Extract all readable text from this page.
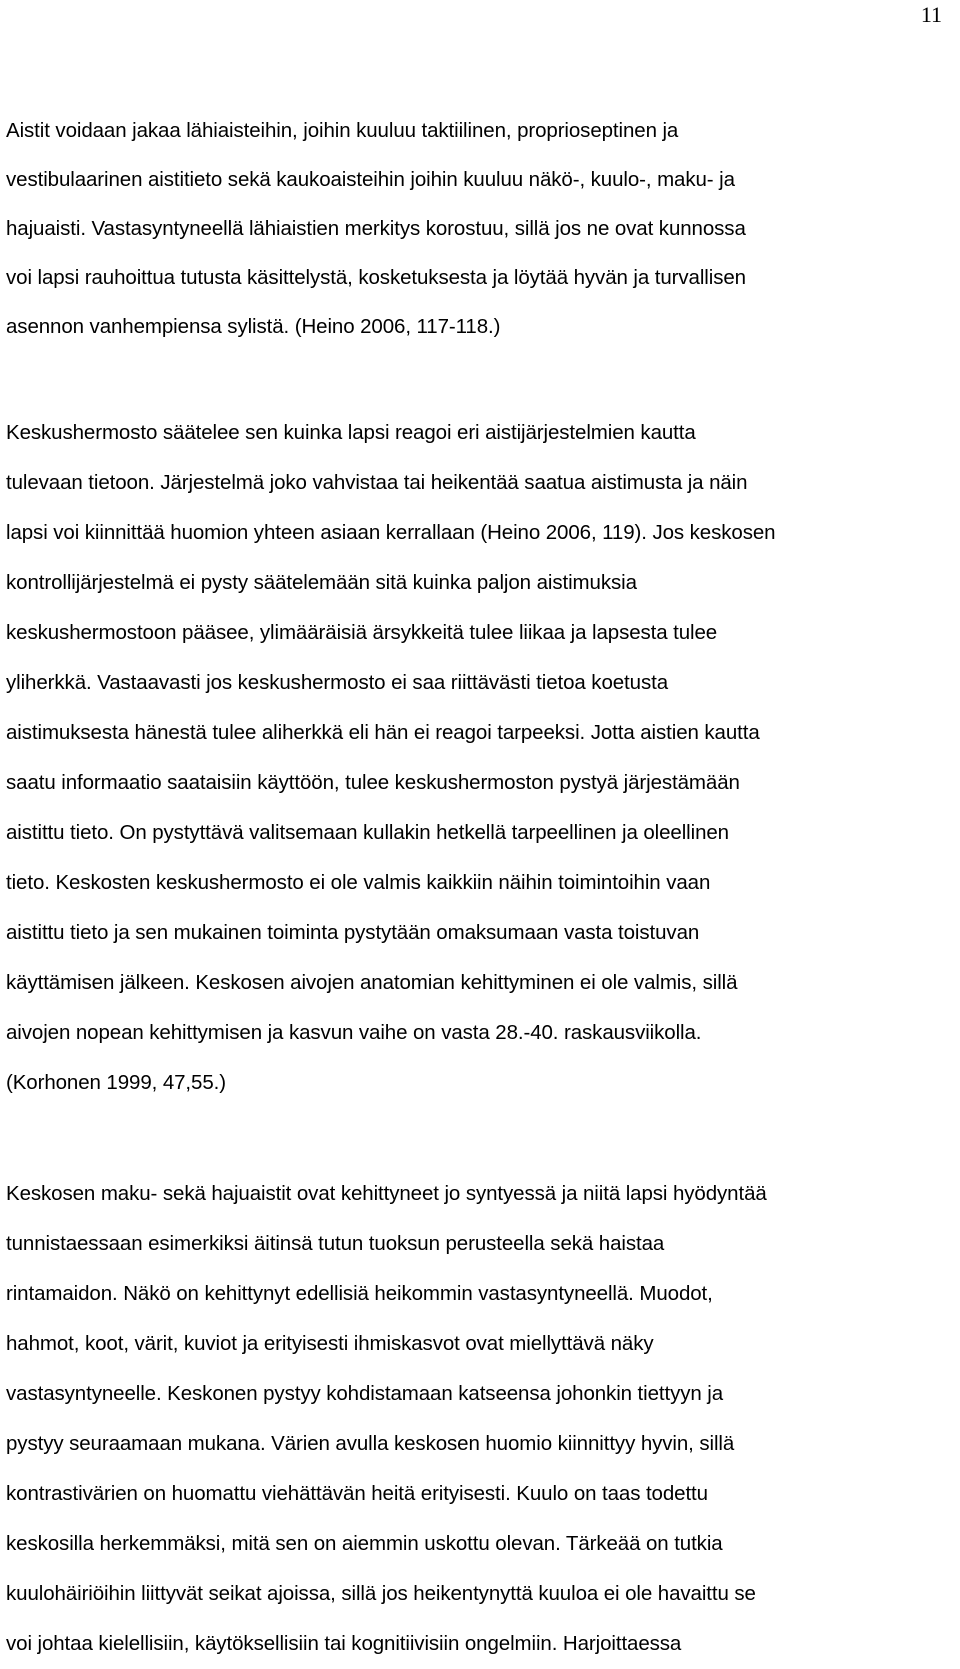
11
Aistit voidaan jakaa lähiaisteihin, joihin kuuluu taktiilinen, proprioseptinen ja
vestibulaarinen aistitieto sekä kaukoaisteihin joihin kuuluu näkö-, kuulo-, maku- ja
hajuaisti. Vastasyntyneellä lähiaistien merkitys korostuu, sillä jos ne ovat kunnossa
voi lapsi rauhoittua tutusta käsittelystä, kosketuksesta ja löytää hyvän ja turvallisen
asennon vanhempiensa sylistä. (Heino 2006, 117-118.)
Keskushermosto säätelee sen kuinka lapsi reagoi eri aistijärjestelmien kautta
tulevaan tietoon. Järjestelmä joko vahvistaa tai heikentää saatua aistimusta ja näin
lapsi voi kiinnittää huomion yhteen asiaan kerrallaan (Heino 2006, 119). Jos keskosen
kontrollijärjestelmä ei pysty säätelemään sitä kuinka paljon aistimuksia
keskushermostoon pääsee, ylimääräisiä ärsykkeitä tulee liikaa ja lapsesta tulee
yliherkkä. Vastaavasti jos keskushermosto ei saa riittävästi tietoa koetusta
aistimuksesta hänestä tulee aliherkkä eli hän ei reagoi tarpeeksi. Jotta aistien kautta
saatu informaatio saataisiin käyttöön, tulee keskushermoston pystyä järjestämään
aistittu tieto. On pystyttävä valitsemaan kullakin hetkellä tarpeellinen ja oleellinen
tieto. Keskosten keskushermosto ei ole valmis kaikkiin näihin toimintoihin vaan
aistittu tieto ja sen mukainen toiminta pystytään omaksumaan vasta toistuvan
käyttämisen jälkeen. Keskosen aivojen anatomian kehittyminen ei ole valmis, sillä
aivojen nopean kehittymisen ja kasvun vaihe on vasta 28.-40. raskausviikolla.
(Korhonen 1999, 47,55.)
Keskosen maku- sekä hajuaistit ovat kehittyneet jo syntyessä ja niitä lapsi hyödyntää
tunnistaessaan esimerkiksi äitinsä tutun tuoksun perusteella sekä haistaa
rintamaidon. Näkö on kehittynyt edellisiä heikommin vastasyntyneellä. Muodot,
hahmot, koot, värit, kuviot ja erityisesti ihmiskasvot ovat miellyttävä näky
vastasyntyneelle. Keskonen pystyy kohdistamaan katseensa johonkin tiettyyn ja
pystyy seuraamaan mukana. Värien avulla keskosen huomio kiinnittyy hyvin, sillä
kontrastivärien on huomattu viehättävän heitä erityisesti. Kuulo on taas todettu
keskosilla herkemmäksi, mitä sen on aiemmin uskottu olevan. Tärkeää on tutkia
kuulohäiriöihin liittyvät seikat ajoissa, sillä jos heikentynyttä kuuloa ei ole havaittu se
voi johtaa kielellisiin, käytöksellisiin tai kognitiivisiin ongelmiin. Harjoittaessa
